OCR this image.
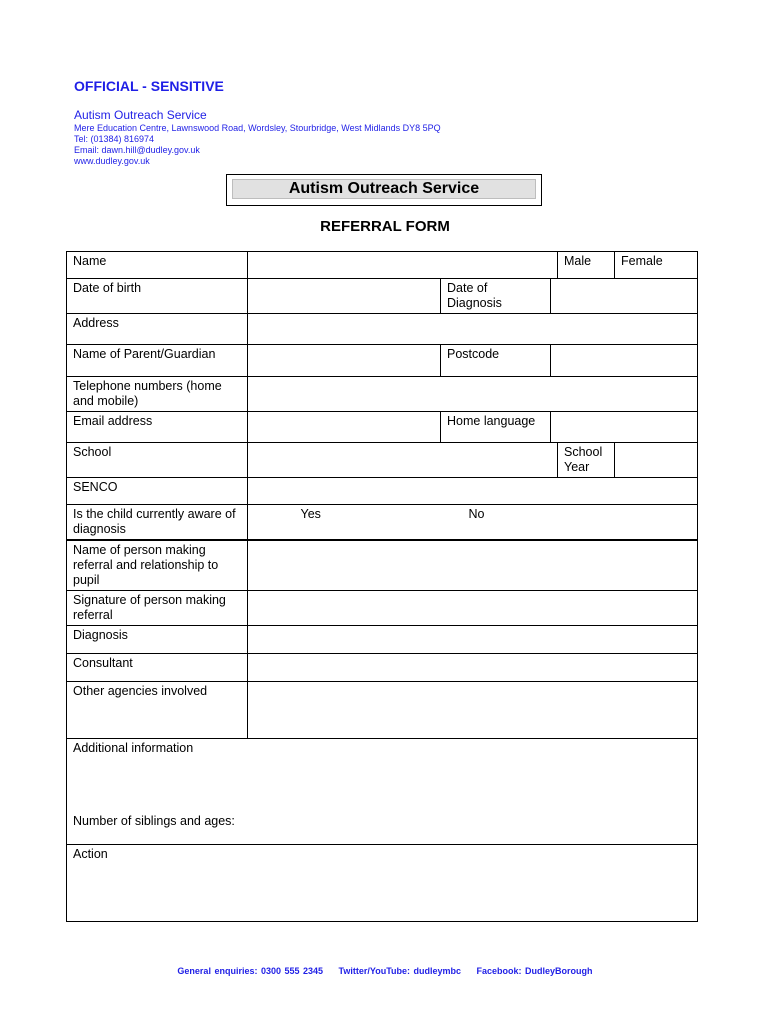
OFFICIAL - SENSITIVE
Autism Outreach Service
Mere Education Centre, Lawnswood Road, Wordsley, Stourbridge, West Midlands DY8 5PQ
Tel: (01384) 816974
Email: dawn.hill@dudley.gov.uk
www.dudley.gov.uk
Autism Outreach Service
REFERRAL FORM
Name					Male	Female
Date of birth			Date of Diagnosis			
Address						
Name of Parent/Guardian			Postcode			
Telephone numbers (home and mobile)						
Email address			Home language			
School					School Year	
SENCO						
Is the child currently aware of diagnosis		Yes	No			
Name of person making referral and relationship to pupil	
Signature of person making referral	
Diagnosis	
Consultant	
Other agencies involved	

Additional information
Number of siblings and ages:	

Action	
General enquiries: 0300 555 2345 Twitter/YouTube: dudleymbc Facebook: DudleyBorough
